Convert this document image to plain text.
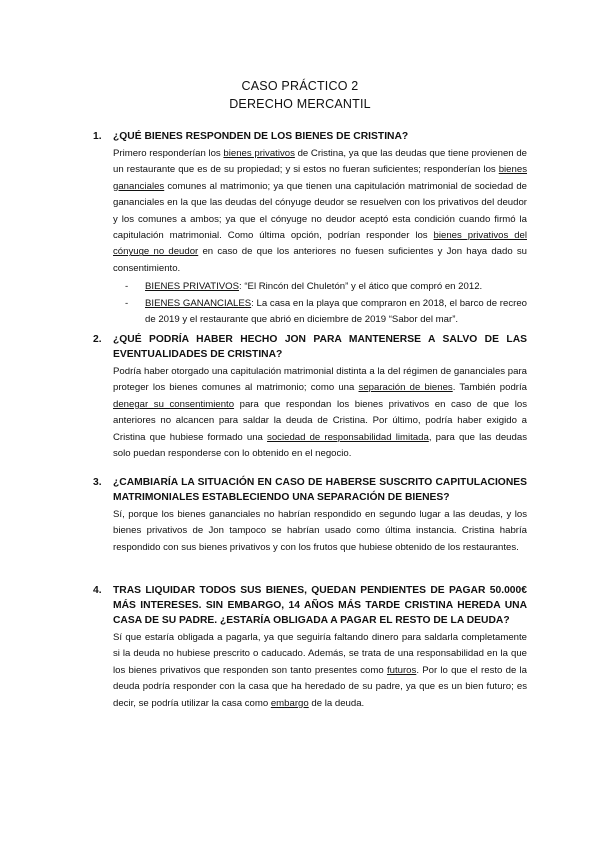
CASO PRÁCTICO 2
DERECHO MERCANTIL
1. ¿QUÉ BIENES RESPONDEN DE LOS BIENES DE CRISTINA?

Primero responderían los bienes privativos de Cristina, ya que las deudas que tiene provienen de un restaurante que es de su propiedad; y si estos no fueran suficientes; responderían los bienes gananciales comunes al matrimonio; ya que tienen una capitulación matrimonial de sociedad de gananciales en la que las deudas del cónyuge deudor se resuelven con los privativos del deudor y los comunes a ambos; ya que el cónyuge no deudor aceptó esta condición cuando firmó la capitulación matrimonial. Como última opción, podrían responder los bienes privativos del cónyuge no deudor en caso de que los anteriores no fuesen suficientes y Jon haya dado su consentimiento.

- BIENES PRIVATIVOS: “El Rincón del Chuletón” y el ático que compró en 2012.
- BIENES GANANCIALES: La casa en la playa que compraron en 2018, el barco de recreo de 2019 y el restaurante que abrió en diciembre de 2019 “Sabor del mar”.
2. ¿QUÉ PODRÍA HABER HECHO JON PARA MANTENERSE A SALVO DE LAS EVENTUALIDADES DE CRISTINA?

Podría haber otorgado una capitulación matrimonial distinta a la del régimen de gananciales para proteger los bienes comunes al matrimonio; como una separación de bienes. También podría denegar su consentimiento para que respondan los bienes privativos en caso de que los anteriores no alcancen para saldar la deuda de Cristina. Por último, podría haber exigido a Cristina que hubiese formado una sociedad de responsabilidad limitada, para que las deudas solo puedan responderse con lo obtenido en el negocio.

3. ¿CAMBIARÍA LA SITUACIÓN EN CASO DE HABERSE SUSCRITO CAPITULACIONES MATRIMONIALES ESTABLECIENDO UNA SEPARACIÓN DE BIENES?

Sí, porque los bienes gananciales no habrían respondido en segundo lugar a las deudas, y los bienes privativos de Jon tampoco se habrían usado como última instancia. Cristina habría respondido con sus bienes privativos y con los frutos que hubiese obtenido de los restaurantes.

4. TRAS LIQUIDAR TODOS SUS BIENES, QUEDAN PENDIENTES DE PAGAR 50.000€ MÁS INTERESES. SIN EMBARGO, 14 AÑOS MÁS TARDE CRISTINA HEREDA UNA CASA DE SU PADRE. ¿ESTARÍA OBLIGADA A PAGAR EL RESTO DE LA DEUDA?

Sí que estaría obligada a pagarla, ya que seguiría faltando dinero para saldarla completamente si la deuda no hubiese prescrito o caducado. Además, se trata de una responsabilidad en la que los bienes privativos que responden son tanto presentes como futuros. Por lo que el resto de la deuda podría responder con la casa que ha heredado de su padre, ya que es un bien futuro; es decir, se podría utilizar la casa como embargo de la deuda.
